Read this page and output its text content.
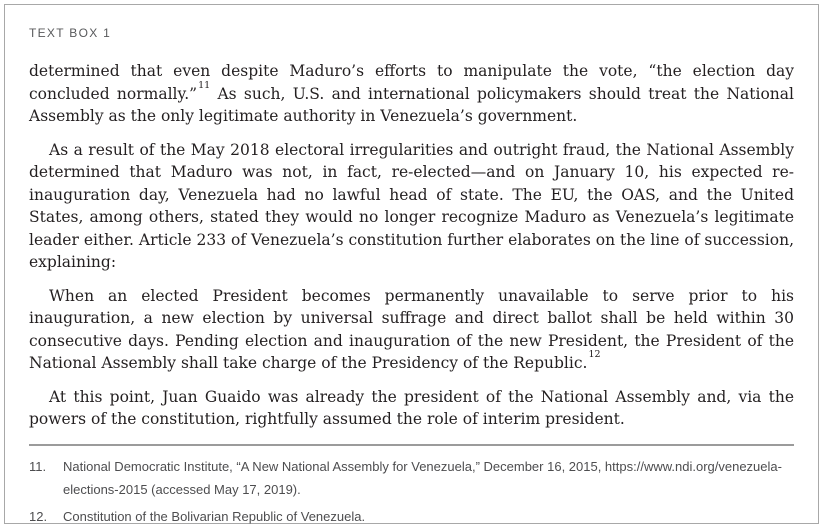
TEXT BOX 1

determined that even despite Maduro’s efforts to manipulate the vote, “the election day concluded normally.”$^{11}$ As such, U.S. and international policymakers should treat the National Assembly as the only legitimate authority in Venezuela’s government.

As a result of the May 2018 electoral irregularities and outright fraud, the National Assembly determined that Maduro was not, in fact, re-elected—and on January 10, his expected re-inauguration day, Venezuela had no lawful head of state. The EU, the OAS, and the United States, among others, stated they would no longer recognize Maduro as Venezuela’s legitimate leader either. Article 233 of Venezuela’s constitution further elaborates on the line of succession, explaining:

When an elected President becomes permanently unavailable to serve prior to his inauguration, a new election by universal suffrage and direct ballot shall be held within 30 consecutive days. Pending election and inauguration of the new President, the President of the National Assembly shall take charge of the Presidency of the Republic.$^{12}$

At this point, Juan Guaido was already the president of the National Assembly and, via the powers of the constitution, rightfully assumed the role of interim president.

11.	National Democratic Institute, “A New National Assembly for Venezuela,” December 16, 2015, https://www.ndi.org/venezuela-elections-2015 (accessed May 17, 2019).
12.	Constitution of the Bolivarian Republic of Venezuela.
